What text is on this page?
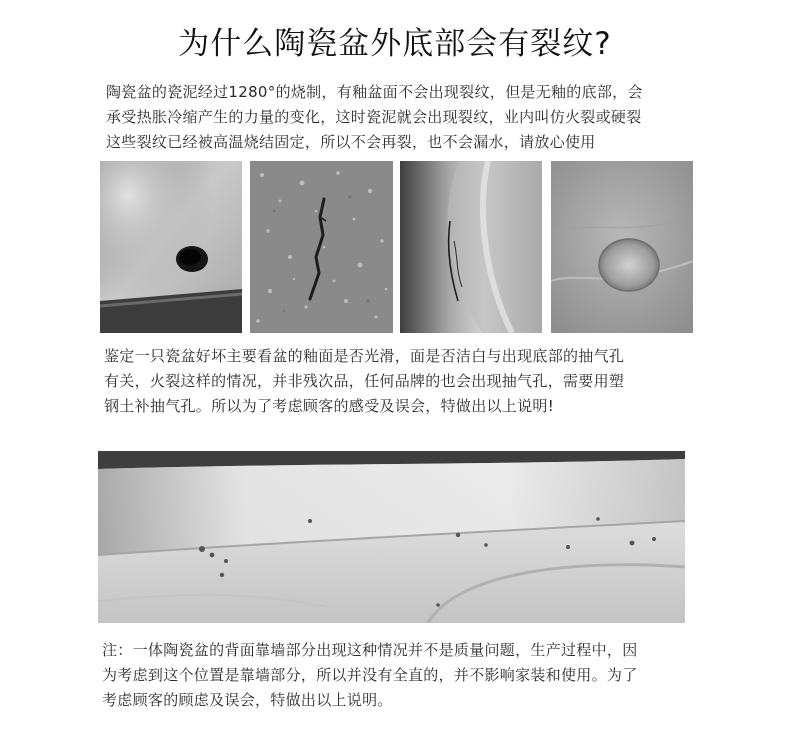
为什么陶瓷盆外底部会有裂纹?

陶瓷盆的瓷泥经过1280°的烧制，有釉盆面不会出现裂纹，但是无釉的底部，会
承受热胀冷缩产生的力量的变化，这时瓷泥就会出现裂纹，业内叫仿火裂或硬裂
这些裂纹已经被高温烧结固定，所以不会再裂，也不会漏水，请放心使用

鉴定一只瓷盆好坏主要看盆的釉面是否光滑，面是否洁白与出现底部的抽气孔
有关，火裂这样的情况，并非残次品，任何品牌的也会出现抽气孔，需要用塑
钢土补抽气孔。所以为了考虑顾客的感受及误会，特做出以上说明!

注：一体陶瓷盆的背面靠墙部分出现这种情况并不是质量问题，生产过程中，因
为考虑到这个位置是靠墙部分，所以并没有全直的，并不影响家装和使用。为了
考虑顾客的顾虑及误会，特做出以上说明。
